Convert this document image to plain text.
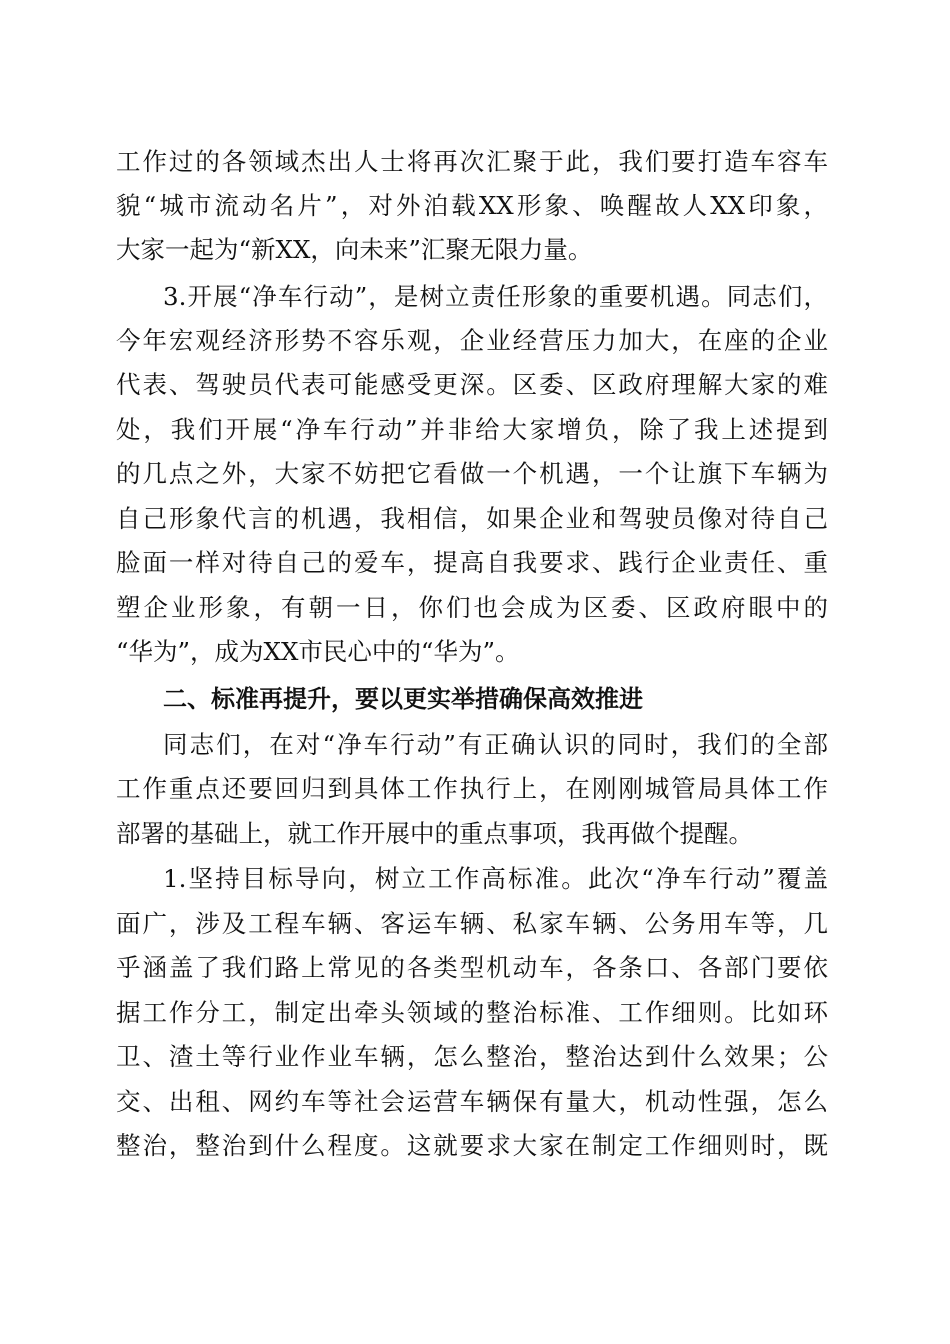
工作过的各领域杰出人士将再次汇聚于此，我们要打造车容车
貌“城市流动名片”，对外泊载XX形象、唤醒故人XX印象，
大家一起为“新XX，向未来”汇聚无限力量。
3.开展“净车行动”，是树立责任形象的重要机遇。同志们，
今年宏观经济形势不容乐观，企业经营压力加大，在座的企业
代表、驾驶员代表可能感受更深。区委、区政府理解大家的难
处，我们开展“净车行动”并非给大家增负，除了我上述提到
的几点之外，大家不妨把它看做一个机遇，一个让旗下车辆为
自己形象代言的机遇，我相信，如果企业和驾驶员像对待自己
脸面一样对待自己的爱车，提高自我要求、践行企业责任、重
塑企业形象，有朝一日，你们也会成为区委、区政府眼中的
“华为”，成为XX市民心中的“华为”。
二、标准再提升，要以更实举措确保高效推进
同志们，在对“净车行动”有正确认识的同时，我们的全部
工作重点还要回归到具体工作执行上，在刚刚城管局具体工作
部署的基础上，就工作开展中的重点事项，我再做个提醒。
1.坚持目标导向，树立工作高标准。此次“净车行动”覆盖
面广，涉及工程车辆、客运车辆、私家车辆、公务用车等，几
乎涵盖了我们路上常见的各类型机动车，各条口、各部门要依
据工作分工，制定出牵头领域的整治标准、工作细则。比如环
卫、渣土等行业作业车辆，怎么整治，整治达到什么效果；公
交、出租、网约车等社会运营车辆保有量大，机动性强，怎么
整治，整治到什么程度。这就要求大家在制定工作细则时，既
